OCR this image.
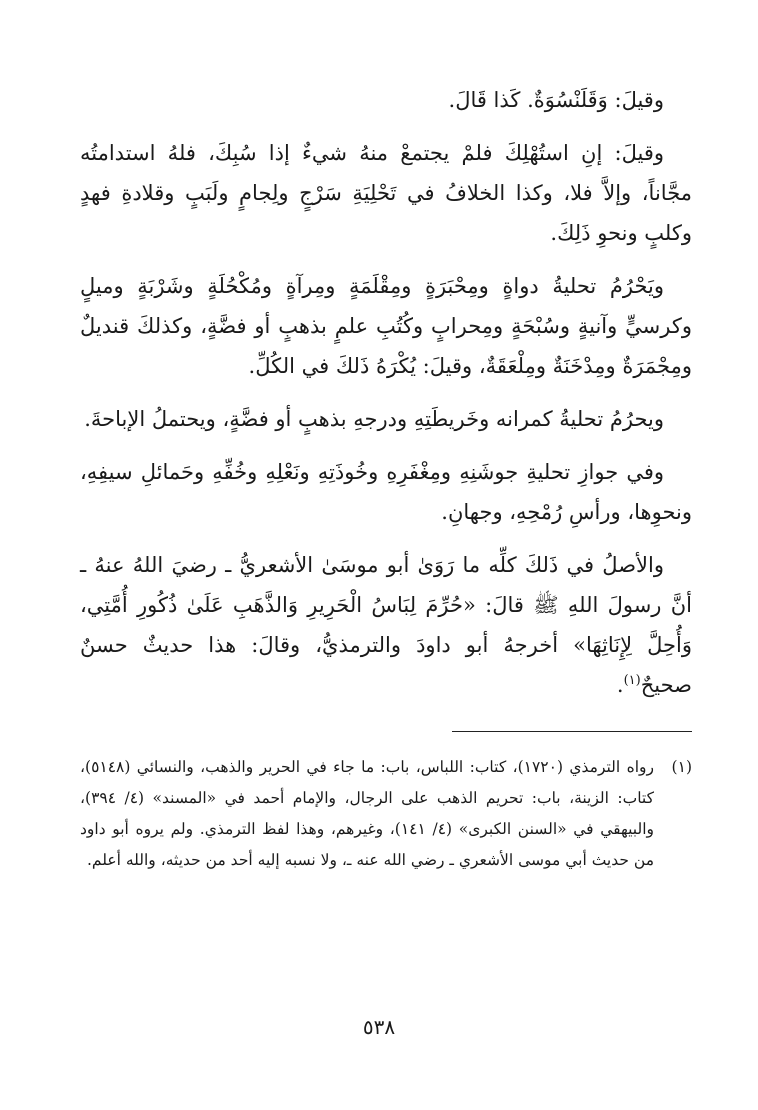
وقيلَ: وَقَلَنْسُوَةٌ. كَذا قَالَ.

وقيلَ: إنِ استُهْلِكَ فلمْ يجتمعْ منهُ شيءٌ إذا سُبِكَ، فلهُ استدامتُه مجَّاناً، وإلاَّ فلا، وكذا الخلافُ في تَحْلِيَةِ سَرْجٍ ولِجامٍ ولَبَبٍ وقلادةِ فهدٍ وكلبٍ ونحوِ ذَلِكَ.

ويَحْرُمُ تحليةُ دواةٍ ومِحْبَرَةٍ ومِقْلَمَةٍ ومِرآةٍ ومُكْحُلَةٍ وشَرْبَةٍ وميلٍ وكرسيٍّ وآنيةٍ وسُبْحَةٍ ومِحرابٍ وكُتُبِ علمٍ بذهبٍ أو فضَّةٍ، وكذلكَ قنديلٌ ومِجْمَرَةٌ ومِدْخَنَةٌ ومِلْعَقَةٌ، وقيلَ: يُكْرَهُ ذَلكَ في الكُلِّ.

ويحرُمُ تحليةُ كمرانه وخَريطَتِهِ ودرجهِ بذهبٍ أو فضَّةٍ، ويحتملُ الإباحةَ.

وفي جوازِ تحليةِ جوشَنِهِ ومِغْفَرِهِ وخُوذَتِهِ ونَعْلِهِ وخُفِّهِ وحَمائلِ سيفِهِ، ونحوِها، ورأسِ رُمْحِهِ، وجهانِ.

والأصلُ في ذَلكَ كلِّه ما رَوَىٰ أبو موسَىٰ الأشعريُّ ـ رضيَ اللهُ عنهُ ـ أنَّ رسولَ اللهِ ﷺ قالَ: «حُرِّمَ لِبَاسُ الْحَرِيرِ وَالذَّهَبِ عَلَىٰ ذُكُورِ أُمَّتِي، وَأُحِلَّ لِإِنَاثِهَا» أخرجهُ أبو داودَ والترمذيُّ، وقالَ: هذا حديثٌ حسنٌ صحيحٌ$^{(١)}$.

(١)
رواه الترمذي (١٧٢٠)، كتاب: اللباس، باب: ما جاء في الحرير والذهب، والنسائي (٥١٤٨)، كتاب: الزينة، باب: تحريم الذهب على الرجال، والإمام أحمد في «المسند» (٤/ ٣٩٤)، والبيهقي في «السنن الكبرى» (٤/ ١٤١)، وغيرهم، وهذا لفظ الترمذي. ولم يروه أبو داود من حديث أبي موسى الأشعري ـ رضي الله عنه ـ، ولا نسبه إليه أحد من حديثه، والله أعلم.
٥٣٨
